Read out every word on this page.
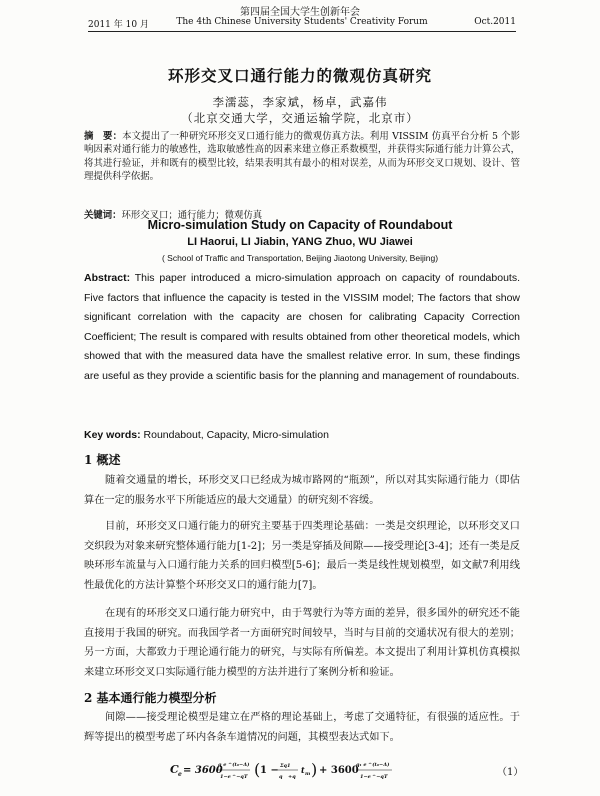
第四届全国大学生创新年会
2011 年 10 月	The 4th Chinese University Students' Creativity Forum	Oct.2011
环形交叉口通行能力的微观仿真研究
李濡蕊，李家斌，杨卓，武嘉伟
（北京交通大学，交通运输学院，北京市）
摘　要：本文提出了一种研究环形交叉口通行能力的微观仿真方法。利用 VISSIM 仿真平台分析 5 个影响因素对通行能力的敏感性，选取敏感性高的因素来建立修正系数模型，并获得实际通行能力计算公式，将其进行验证，并和既有的模型比较，结果表明其有最小的相对误差，从而为环形交叉口规划、设计、管理提供科学依据。
关键词：环形交叉口；通行能力；微观仿真
Micro-simulation Study on Capacity of Roundabout
LI Haorui, LI Jiabin, YANG Zhuo, WU Jiawei
( School of Traffic and Transportation, Beijing Jiaotong University, Beijing)
Abstract: This paper introduced a micro-simulation approach on capacity of roundabouts. Five factors that influence the capacity is tested in the VISSIM model; The factors that show significant correlation with the capacity are chosen for calibrating Capacity Correction Coefficient; The result is compared with results obtained from other theoretical models, which showed that with the measured data have the smallest relative error. In sum, these findings are useful as they provide a scientific basis for the planning and management of roundabouts.
Key words: Roundabout, Capacity, Micro-simulation
1 概述
随着交通量的增长，环形交叉口已经成为城市路网的“瓶颈”，所以对其实际通行能力（即估算在一定的服务水平下所能适应的最大交通量）的研究刻不容缓。
目前，环形交叉口通行能力的研究主要基于四类理论基础：一类是交织理论，以环形交叉口交织段为对象来研究整体通行能力[1-2]；另一类是穿插及间隙——接受理论[3-4]；还有一类是反映环形车流量与入口通行能力关系的回归模型[5-6]；最后一类是线性规划模型，如文献7利用线性最优化的方法计算整个环形交叉口的通行能力[7]。
在现有的环形交叉口通行能力研究中，由于驾驶行为等方面的差异，很多国外的研究还不能直接用于我国的研究。而我国学者一方面研究时间较早，当时与目前的交通状况有很大的差别；另一方面，大都致力于理论通行能力的研究，与实际有所偏差。本文提出了利用计算机仿真模拟来建立环形交叉口实际通行能力模型的方法并进行了案例分析和验证。
2 基本通行能力模型分析
间隙——接受理论模型是建立在严格的理论基础上，考虑了交通特征，有很强的适应性。于辉等提出的模型考虑了环内各条车道情况的问题，其模型表达式如下。
C e = 3600
q e ^(t₀−Δ)
1−e ^−qT ( 1 − Σq 1
q +q
t m ) + 3600
q₁ e ^(t₀−Δ)
1−e ^−qT	（1）
